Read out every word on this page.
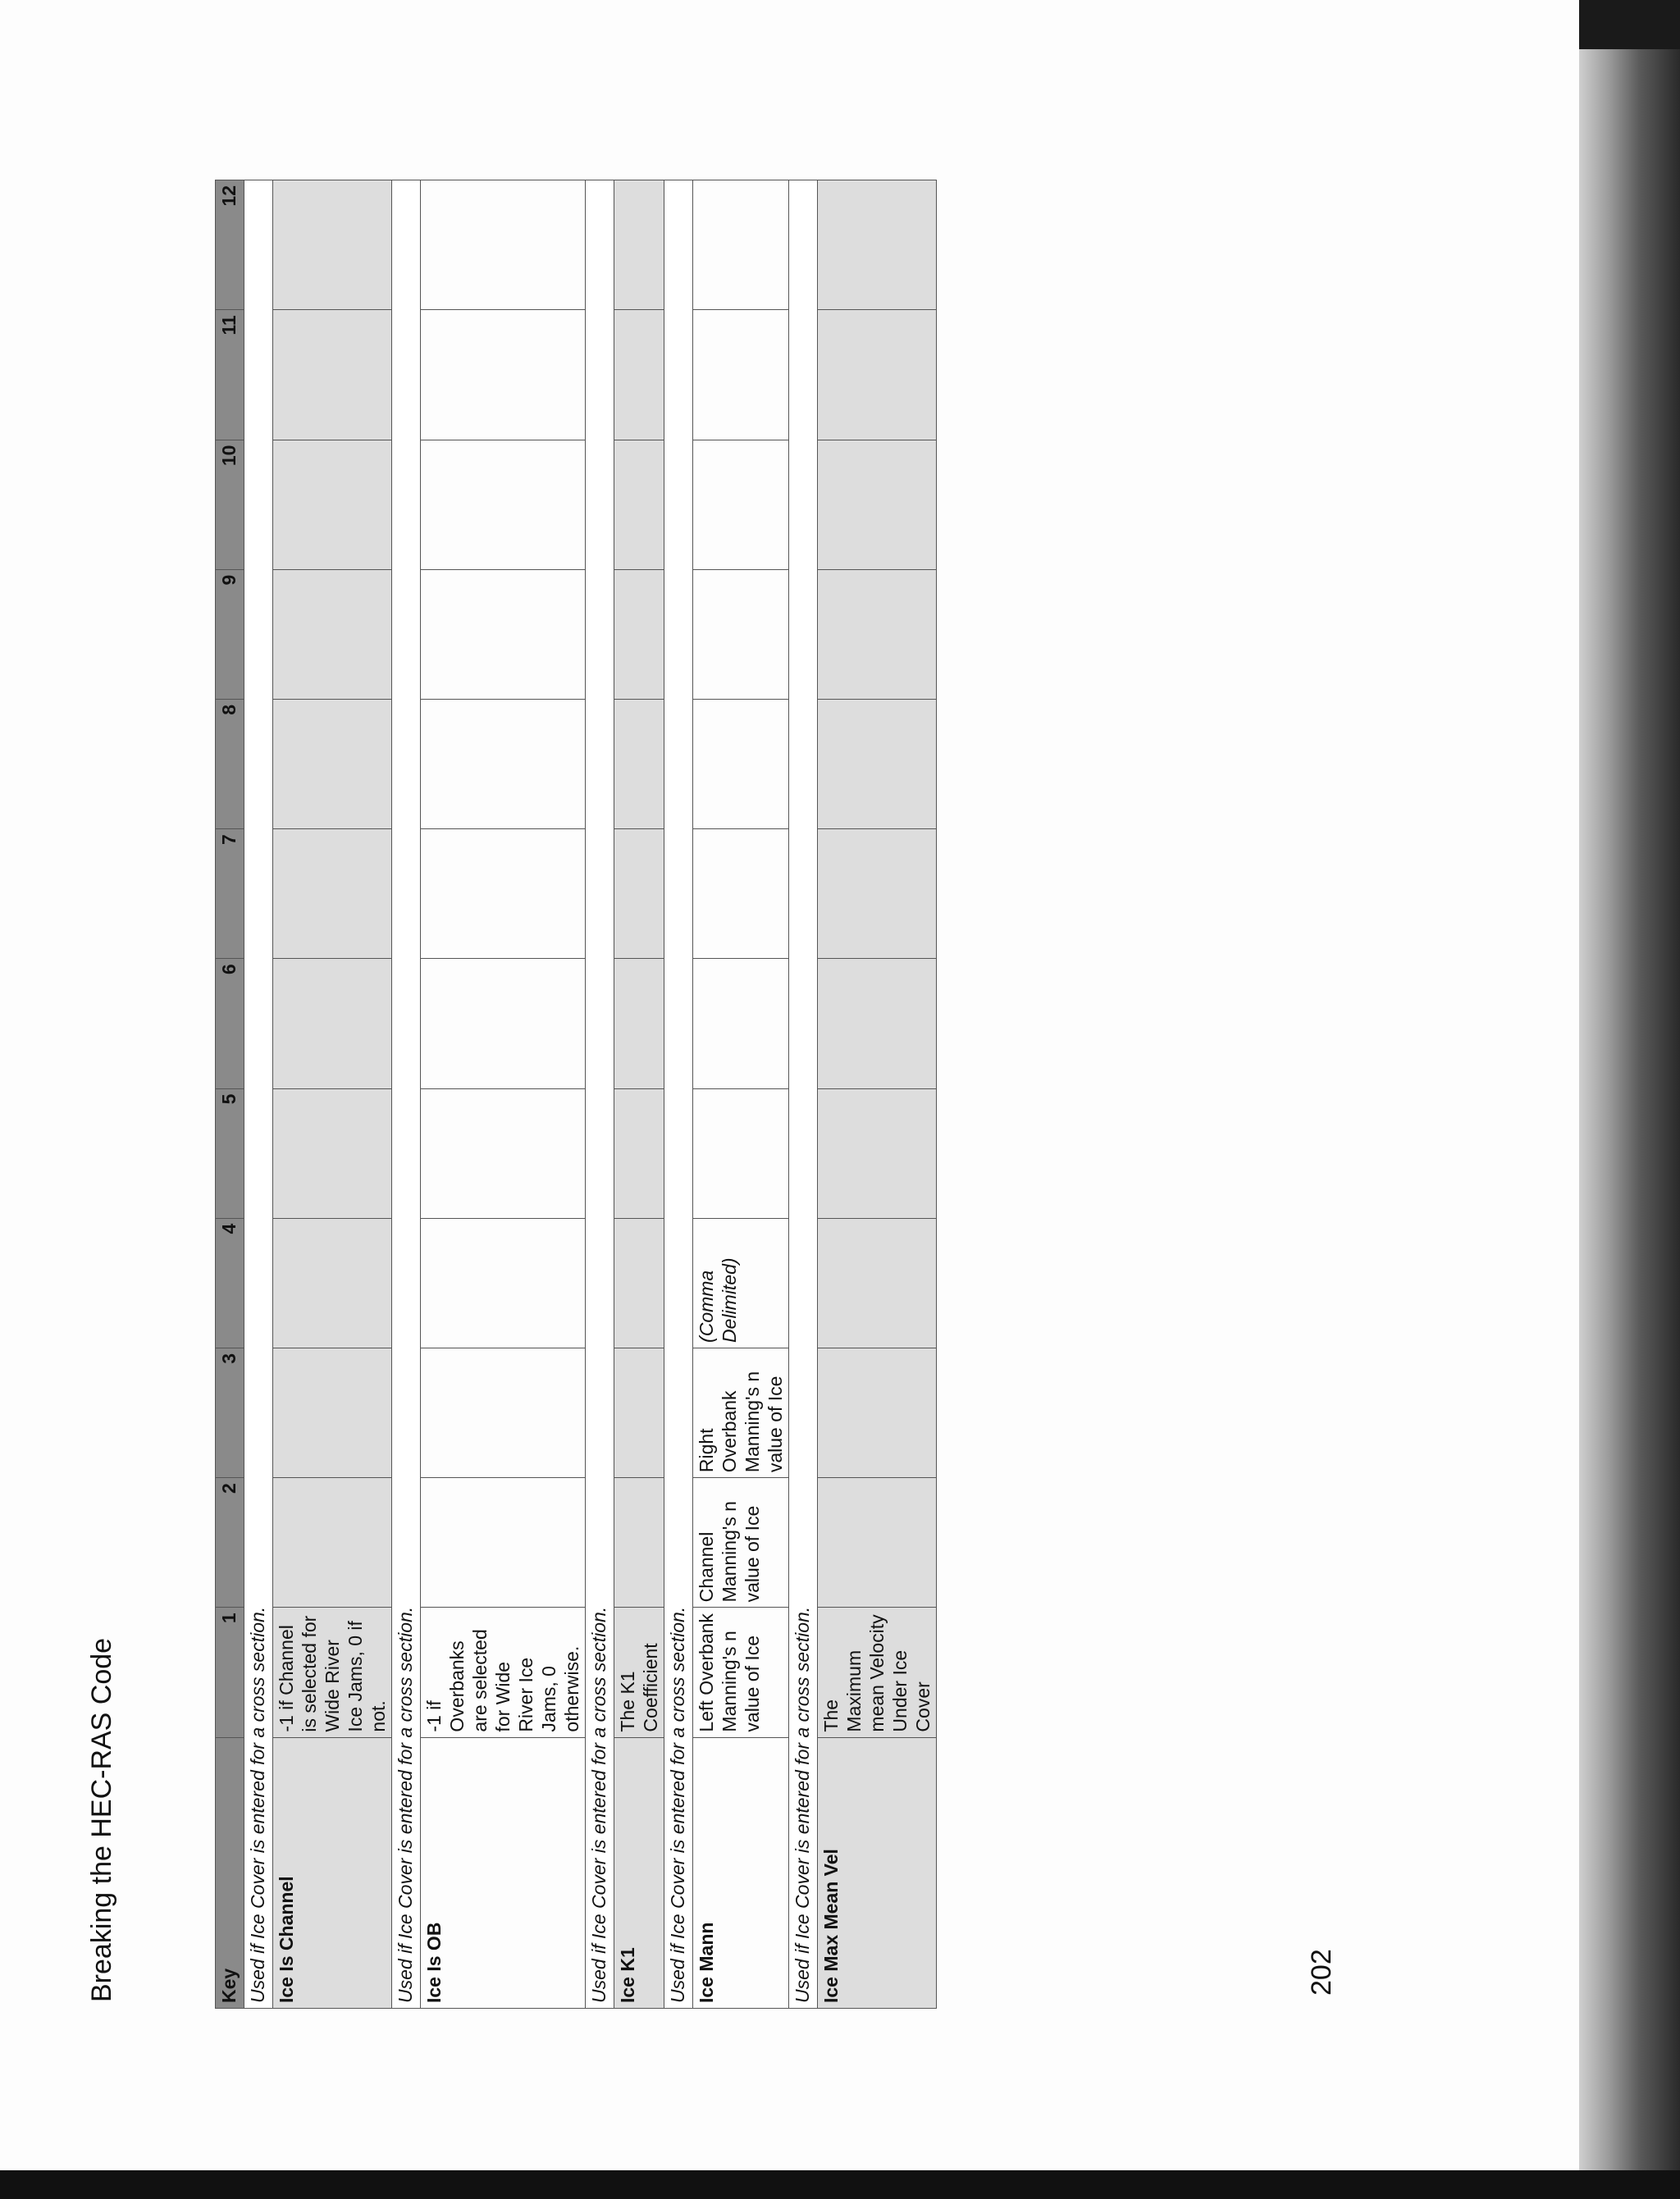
Breaking the HEC-RAS Code	Key	1	2	3	4	5	6	7	8	9	10	11	12
Used if Ice Cover is entered for a cross section.												
Ice Is Channel	-1 if Channel is selected for Wide River Ice Jams, 0 if not.											
Used if Ice Cover is entered for a cross section.												
Ice Is OB	-1 if Overbanks are selected for Wide River Ice Jams, 0 otherwise.											
Used if Ice Cover is entered for a cross section.												
Ice K1	The K1 Coefficient											
Used if Ice Cover is entered for a cross section.												
Ice Mann	Left Overbank Manning's n value of Ice	Channel Manning's n value of Ice	Right Overbank Manning's n value of Ice	(Comma Delimited)								
Used if Ice Cover is entered for a cross section.												
Ice Max Mean Vel	The Maximum mean Velocity Under Ice Cover											
202
